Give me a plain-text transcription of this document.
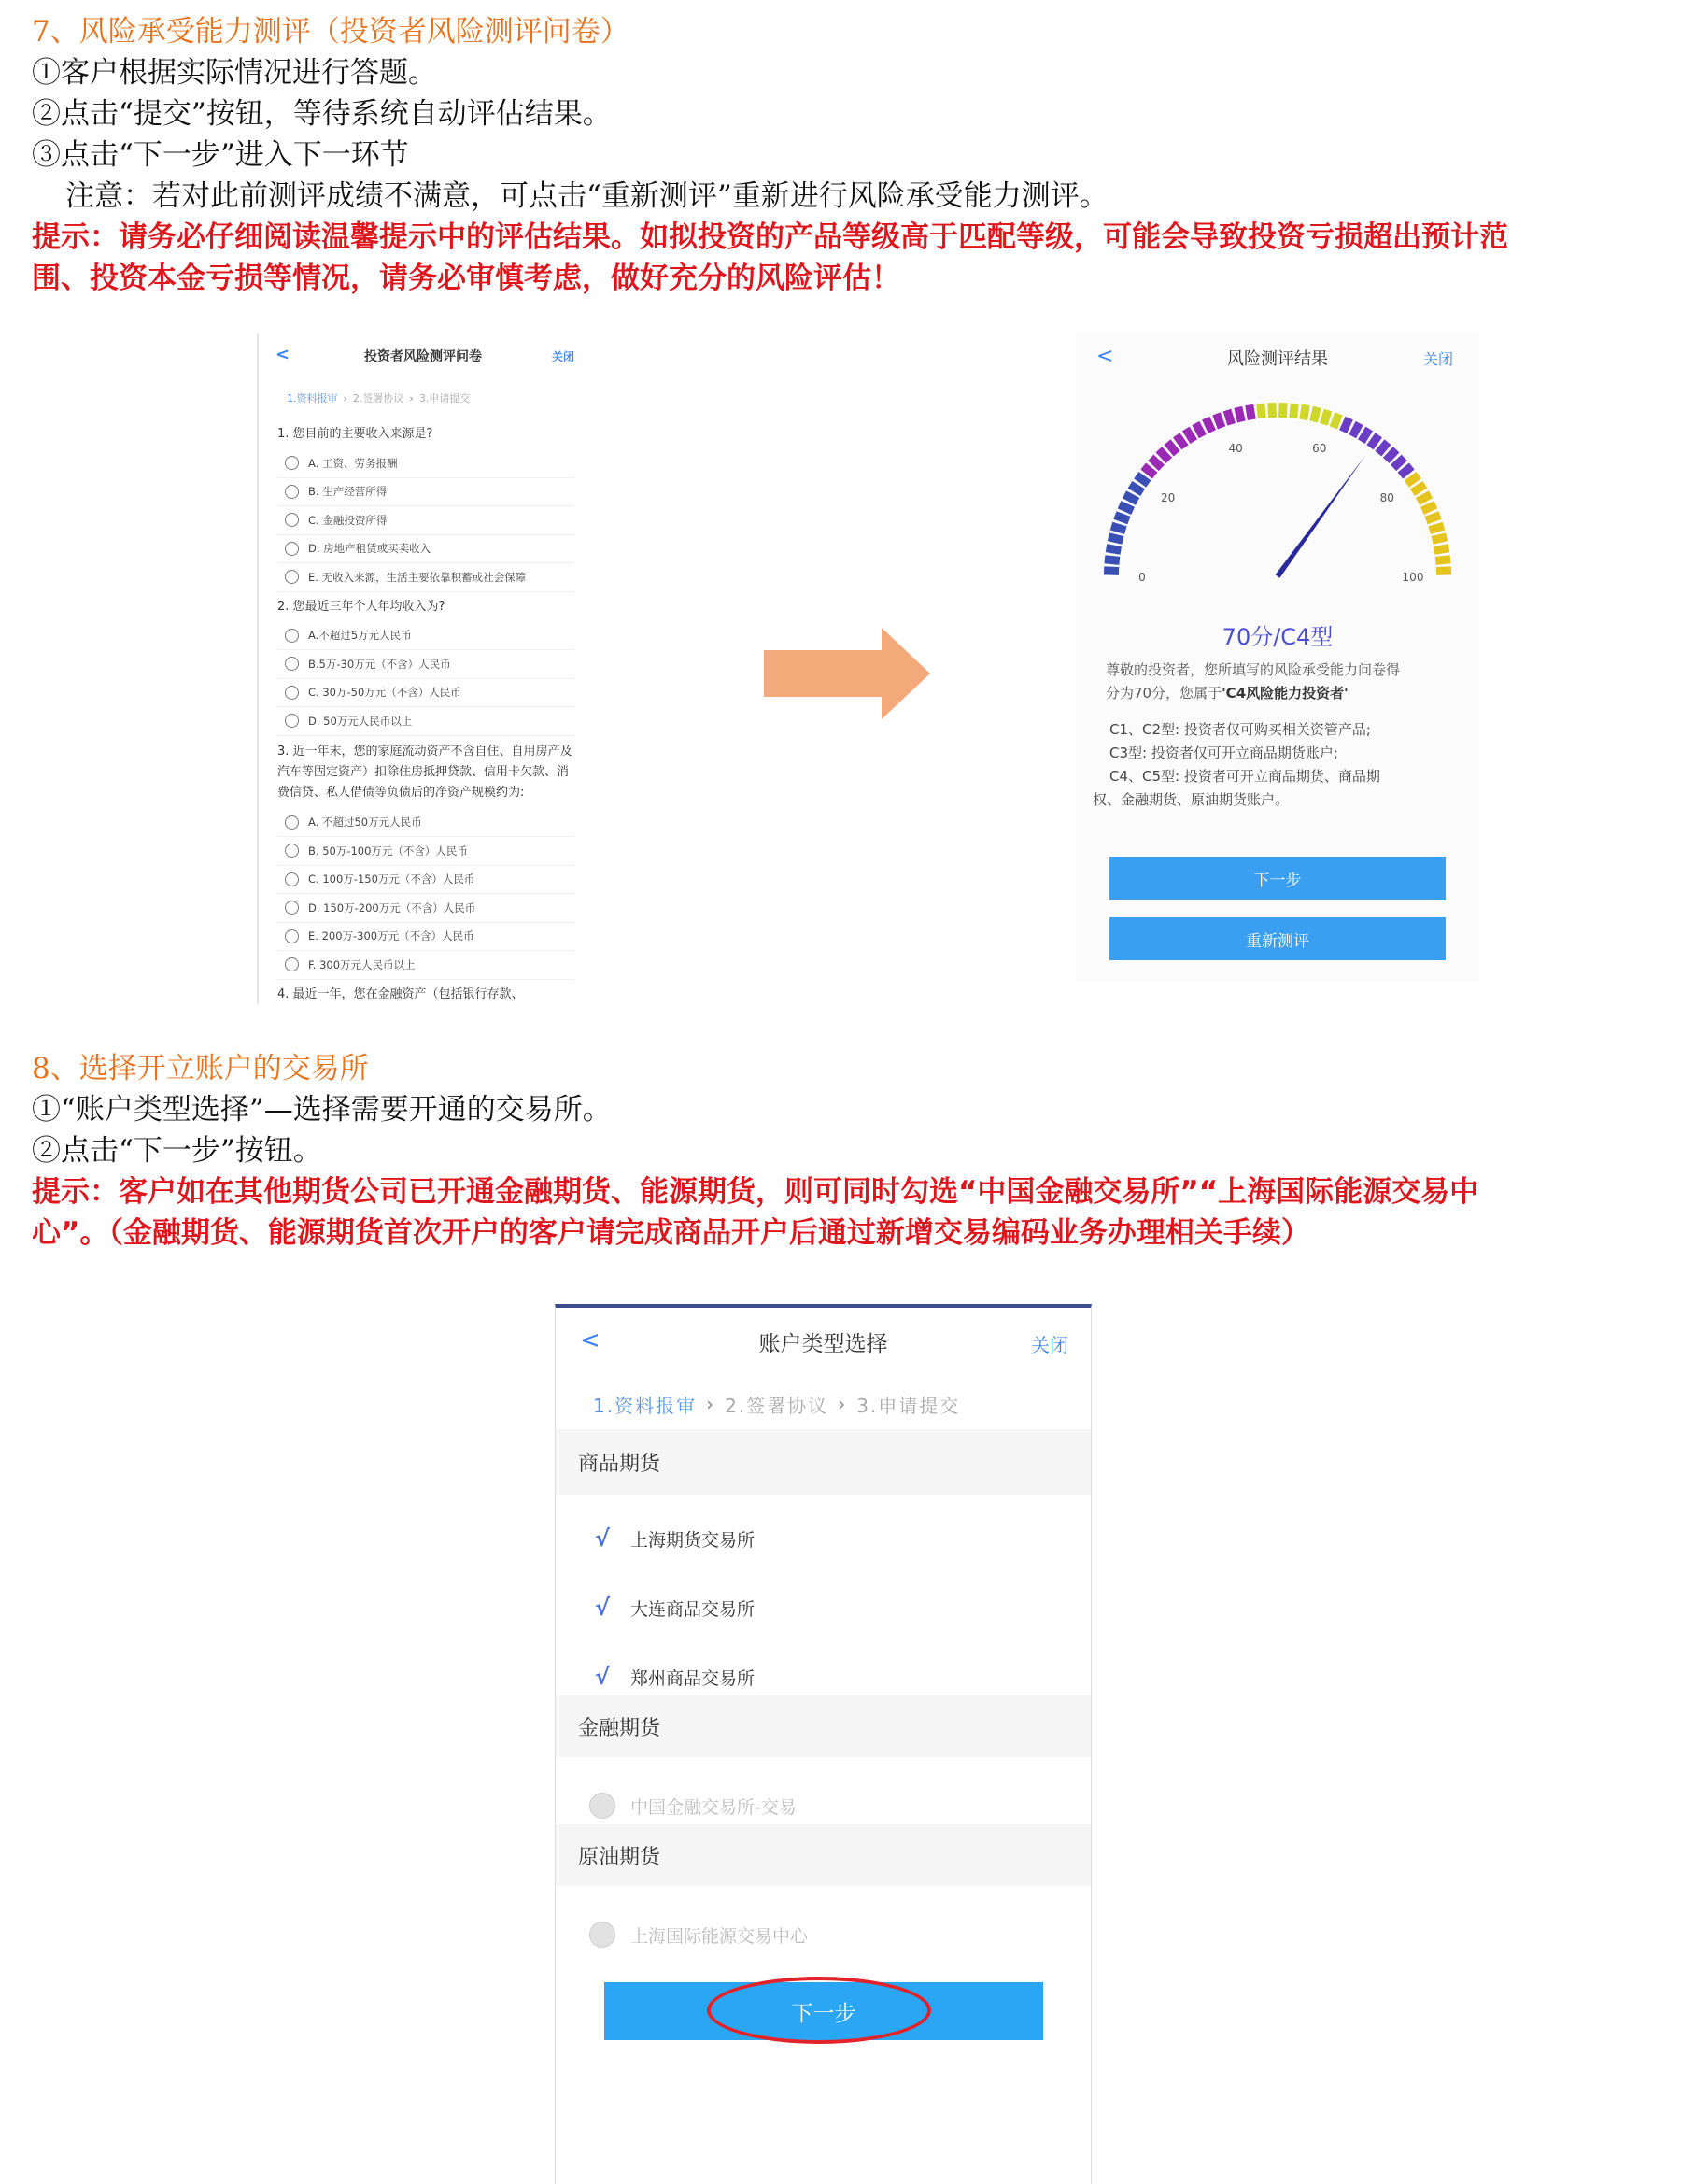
7、风险承受能力测评（投资者风险测评问卷）
①客户根据实际情况进行答题。
②点击“提交”按钮，等待系统自动评估结果。
③点击“下一步”进入下一环节
注意：若对此前测评成绩不满意，可点击“重新测评”重新进行风险承受能力测评。
提示：请务必仔细阅读温馨提示中的评估结果。如拟投资的产品等级高于匹配等级，可能会导致投资亏损超出预计范
围、投资本金亏损等情况，请务必审慎考虑，做好充分的风险评估！
<	投资者风险测评问卷	关闭
1.资料报审 › 2.签署协议 › 3.申请提交
1. 您目前的主要收入来源是?
A. 工资、劳务报酬
B. 生产经营所得
C. 金融投资所得
D. 房地产租赁或买卖收入
E. 无收入来源，生活主要依靠积蓄或社会保障
2. 您最近三年个人年均收入为?
A.不超过5万元人民币
B.5万-30万元（不含）人民币
C. 30万-50万元（不含）人民币
D. 50万元人民币以上
3. 近一年末，您的家庭流动资产不含自住、自用房产及汽车等固定资产）扣除住房抵押贷款、信用卡欠款、消费信贷、私人借债等负债后的净资产规模约为:
A. 不超过50万元人民币
B. 50万-100万元（不含）人民币
C. 100万-150万元（不含）人民币
D. 150万-200万元（不含）人民币
E. 200万-300万元（不含）人民币
F. 300万元人民币以上
4. 最近一年，您在金融资产（包括银行存款、
<	风险测评结果	关闭
0
20
40	60
80
100
70分/C4型
尊敬的投资者，您所填写的风险承受能力问卷得
分为70分，您属于'C4风险能力投资者'
C1、C2型: 投资者仅可购买相关资管产品;
C3型: 投资者仅可开立商品期货账户;
C4、C5型: 投资者可开立商品期货、商品期
权、金融期货、原油期货账户。
下一步
重新测评
8、选择开立账户的交易所
①“账户类型选择”—选择需要开通的交易所。
②点击“下一步”按钮。
提示：客户如在其他期货公司已开通金融期货、能源期货，则可同时勾选“中国金融交易所”“上海国际能源交易中
心”。（金融期货、能源期货首次开户的客户请完成商品开户后通过新增交易编码业务办理相关手续）
<	账户类型选择	关闭
1.资料报审 › 2.签署协议 › 3.申请提交
商品期货
√	上海期货交易所
√	大连商品交易所
√	郑州商品交易所
金融期货
中国金融交易所-交易
原油期货
上海国际能源交易中心
下一步
